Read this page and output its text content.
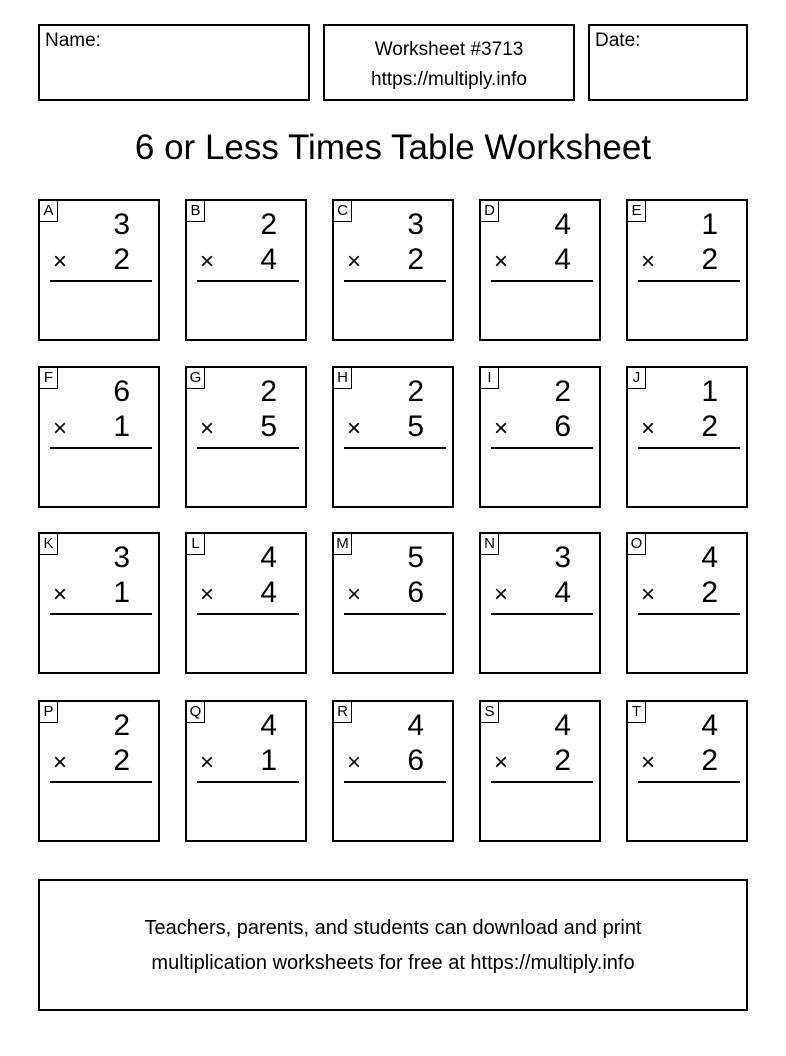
Name:	Worksheet #3713
https://multiply.info
Date:
6 or Less Times Table Worksheet
A 3
× 2
B 2
× 4
C 3
× 2
D 4
× 4
E 1
× 2
F 6
× 1
G 2
× 5
H 2
× 5
I 2
× 6
J 1
× 2
K 3
× 1
L 4
× 4
M 5
× 6
N 3
× 4
O 4
× 2
P 2
× 2
Q 4
× 1
R 4
× 6
S 4
× 2
T 4
× 2
Teachers, parents, and students can download and print
multiplication worksheets for free at https://multiply.info
